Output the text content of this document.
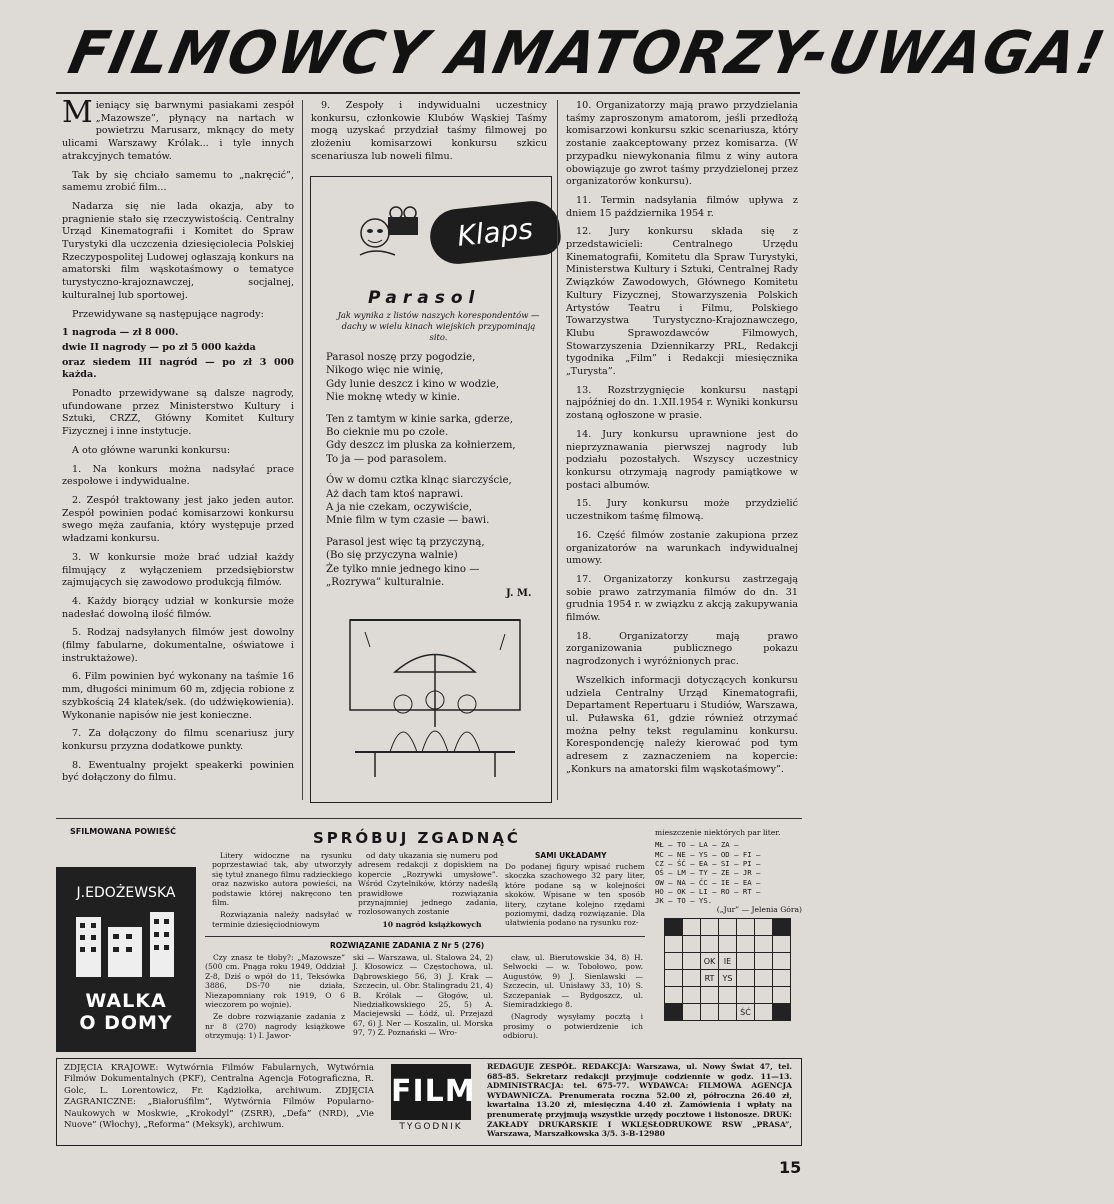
FILMOWCY AMATORZY-UWAGA!

Mieniący się barwnymi pasiakami zespół „Mazowsze”, płynący na nartach w powietrzu Marusarz, mknący do mety ulicami Warszawy Królak... i tyle innych atrakcyjnych tematów.

Tak by się chciało samemu to „nakręcić”, samemu zrobić film...

Nadarza się nie lada okazja, aby to pragnienie stało się rzeczywistością. Centralny Urząd Kinematografii i Komitet do Spraw Turystyki dla uczczenia dziesięciolecia Polskiej Rzeczypospolitej Ludowej ogłaszają konkurs na amatorski film wąskotaśmowy o tematyce turystyczno-krajoznawczej, socjalnej, kulturalnej lub sportowej.

Przewidywane są następujące nagrody:

1 nagroda — zł 8 000.

dwie II nagrody — po zł 5 000 każda

oraz siedem III nagród — po zł 3 000 każda.

Ponadto przewidywane są dalsze nagrody, ufundowane przez Ministerstwo Kultury i Sztuki, CRZZ, Główny Komitet Kultury Fizycznej i inne instytucje.

A oto główne warunki konkursu:

1. Na konkurs można nadsyłać prace zespołowe i indywidualne.

2. Zespół traktowany jest jako jeden autor. Zespół powinien podać komisarzowi konkursu swego męża zaufania, który występuje przed władzami konkursu.

3. W konkursie może brać udział każdy filmujący z wyłączeniem przedsiębiorstw zajmujących się zawodowo produkcją filmów.

4. Każdy biorący udział w konkursie może nadesłać dowolną ilość filmów.

5. Rodzaj nadsyłanych filmów jest dowolny (filmy fabularne, dokumentalne, oświatowe i instruktażowe).

6. Film powinien być wykonany na taśmie 16 mm, długości minimum 60 m, zdjęcia robione z szybkością 24 klatek/sek. (do udźwiękowienia). Wykonanie napisów nie jest konieczne.

7. Za dołączony do filmu scenariusz jury konkursu przyzna dodatkowe punkty.

8. Ewentualny projekt speakerki powinien być dołączony do filmu.

9. Zespoły i indywidualni uczestnicy konkursu, członkowie Klubów Wąskiej Taśmy mogą uzyskać przydział taśmy filmowej po złożeniu komisarzowi konkursu szkicu scenariusza lub noweli filmu.

Klaps
Parasol
Jak wynika z listów naszych korespondentów — dachy w wielu kinach wiejskich przypominają sito.

Parasol noszę przy pogodzie,
Nikogo więc nie winię,
Gdy lunie deszcz i kino w wodzie,
Nie moknę wtedy w kinie.

Ten z tamtym w kinie sarka, gderze,
Bo ciekniе mu po czole.
Gdy deszcz im pluska za kołnierzem,
To ja — pod parasolem.

Ów w domu cztka klnąc siarczyście,
Aż dach tam ktoś naprawi.
A ja nie czekam, oczywiście,
Mnie film w tym czasie — bawi.

Parasol jest więc tą przyczyną,
(Bo się przyczyna walnie)
Że tylko mnie jednego kino —
„Rozrywa” kulturalnie.

J. M.

10. Organizatorzy mają prawo przydzielania taśmy zaproszonym amatorom, jeśli przedłożą komisarzowi konkursu szkic scenariusza, który zostanie zaakceptowany przez komisarza. (W przypadku niewykonania filmu z winy autora obowiązuje go zwrot taśmy przydzielonej przez organizatorów konkursu).

11. Termin nadsyłania filmów upływa z dniem 15 października 1954 r.

12. Jury konkursu składa się z przedstawicieli: Centralnego Urzędu Kinematografii, Komitetu dla Spraw Turystyki, Ministerstwa Kultury i Sztuki, Centralnej Rady Związków Zawodowych, Głównego Komitetu Kultury Fizycznej, Stowarzyszenia Polskich Artystów Teatru i Filmu, Polskiego Towarzystwa Turystyczno-Krajoznawczego, Klubu Sprawozdawców Filmowych, Stowarzyszenia Dziennikarzy PRL, Redakcji tygodnika „Film” i Redakcji miesięcznika „Turysta”.

13. Rozstrzygnięcie konkursu nastąpi najpóźniej do dn. 1.XII.1954 r. Wyniki konkursu zostaną ogłoszone w prasie.

14. Jury konkursu uprawnione jest do nieprzyznawania pierwszej nagrody lub podziału pozostałych. Wszyscy uczestnicy konkursu otrzymają nagrody pamiątkowe w postaci albumów.

15. Jury konkursu może przydzielić uczestnikom taśmę filmową.

16. Część filmów zostanie zakupiona przez organizatorów na warunkach indywidualnej umowy.

17. Organizatorzy konkursu zastrzegają sobie prawo zatrzymania filmów do dn. 31 grudnia 1954 r. w związku z akcją zakupywania filmów.

18. Organizatorzy mają prawo zorganizowania publicznego pokazu nagrodzonych i wyróżnionych prac.

Wszelkich informacji dotyczących konkursu udziela Centralny Urząd Kinematografii, Departament Repertuaru i Studiów, Warszawa, ul. Puławska 61, gdzie również otrzymać można pełny tekst regulaminu konkursu. Korespondencję należy kierować pod tym adresem z zaznaczeniem na kopercie: „Konkurs na amatorski film wąskotaśmowy”.

SFILMOWANA POWIEŚĆ
J.EDOŻEWSKA
WALKA
O DOMY
SPRÓBUJ ZGADNĄĆ

Litery widoczne na rysunku poprzestawiać tak, aby utworzyły się tytuł znanego filmu radzieckiego oraz nazwisko autora powieści, na podstawie której nakręcono ten film.

Rozwiązania należy nadsyłać w terminie dziesięciodniowym

od daty ukazania się numeru pod adresem redakcji z dopiskiem na kopercie „Rozrywki umysłowe”. Wśród Czytelników, którzy nadeślą prawidłowe rozwiązania przynajmniej jednego zadania, rozlosowanych zostanie

10 nagród książkowych

SAMI UKŁADAMY
Do podanej figury wpisać ruchem skoczka szachowego 32 pary liter, które podane są w kolejności skoków. Wpisane w ten sposób litery, czytane kolejno rzędami poziomymi, dadzą rozwiązanie. Dla ułatwienia podano na rysunku roz-

mieszczenie niektórych par liter.

MŁ — TO — LA — ZA —
MC — NE — YS — OD — FI —
CZ — ŚĆ — EA — SI — PI —
OŚ — LM — TY — ZE — JR —
OW — NA — ĆC — IE — EA —
HO — OK — LI — RO — RT —
JK — TO — YS.
(„Jur” — Jelenia Góra)
ROZWIĄZANIE ZADANIA Z Nr 5 (276)

Czy znasz te tłoby?: „Mazowsze” (500 cm. Pnąga roku 1949, Oddział Z-8, Dziś o wpół do 11, Teksówka 3886, DS-70 nie działa, Niezapomniany rok 1919, O 6 wieczorem po wojnie).

Ze dobre rozwiązanie zadania z nr 8 (270) nagrody książkowe otrzymują: 1) I. Jawor-

ski — Warszawa, ul. Stalowa 24, 2) J. Kłosowicz — Częstochowa, ul. Dąbrowskiego 56, 3) J. Krak — Szczecin, ul. Obr. Stalingradu 21, 4) B. Królak — Głogów, ul. Niedziałkowskiego 25, 5) A. Maciejewski — Łódź, ul. Przejazd 67, 6) J. Ner — Koszalin, ul. Morska 97, 7) Z. Poznański — Wro-

cław, ul. Bierutowskie 34, 8) H. Selwocki — w. Tobołowo, pow. Augustów, 9) J. Sienlawski — Szczecin, ul. Unisławy 33, 10) S. Szczepaniak — Bydgoszcz, ul. Siemiradzkiego 8.

(Nagrody wysyłamy pocztą i prosimy o potwierdzenie ich odbioru).

		OK	IE			
		RT	YS			

				ŚĆ		
ZDJĘCIA KRAJOWE: Wytwórnia Filmów Fabularnych, Wytwórnia Filmów Dokumentalnych (PKF), Centralna Agencja Fotograficzna, R. Golc, L. Lorentowicz, Fr. Kądziołka, archiwum. ZDJĘCIA ZAGRANICZNE: „Białoruśfilm”, Wytwórnia Filmów Popularno-Naukowych w Moskwie, „Krokodyl” (ZSRR), „Defa” (NRD), „Vie Nuove” (Włochy), „Reforma” (Meksyk), archiwum.
FILM
TYGODNIK
REDAGUJE ZESPÓŁ. REDAKCJA: Warszawa, ul. Nowy Świat 47, tel. 685-85. Sekretarz redakcji przyjmuje codziennie w godz. 11—13. ADMINISTRACJA: tel. 675-77. WYDAWCA: FILMOWA AGENCJA WYDAWNICZA. Prenumerata roczna 52.00 zł, półroczna 26.40 zł, kwartalna 13.20 zł, miesięczna 4.40 zł. Zamówienia i wpłaty na prenumeratę przyjmują wszystkie urzędy pocztowe i listonosze. DRUK: ZAKŁADY DRUKARSKIE I WKLĘSŁODRUKOWE RSW „PRASA”, Warszawa, Marszałkowska 3/5. 3-B-12980
15
